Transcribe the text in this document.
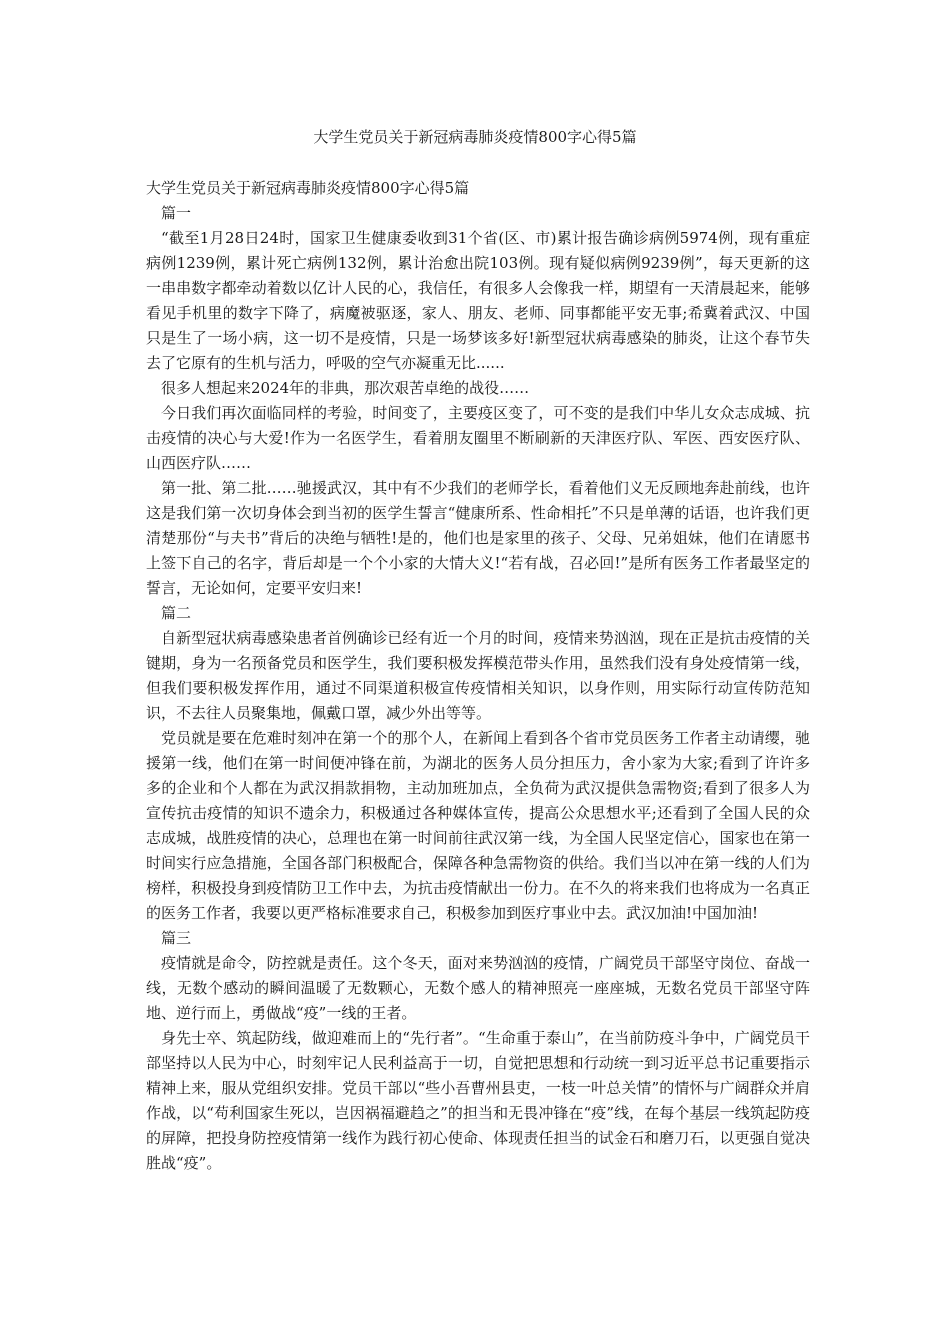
大学生党员关于新冠病毒肺炎疫情800字心得5篇

大学生党员关于新冠病毒肺炎疫情800字心得5篇

篇一

“截至1月28日24时，国家卫生健康委收到31个省(区、市)累计报告确诊病例5974例，现有重症病例1239例，累计死亡病例132例，累计治愈出院103例。现有疑似病例9239例”，每天更新的这一串串数字都牵动着数以亿计人民的心，我信任，有很多人会像我一样，期望有一天清晨起来，能够看见手机里的数字下降了，病魔被驱逐，家人、朋友、老师、同事都能平安无事;希冀着武汉、中国只是生了一场小病，这一切不是疫情，只是一场梦该多好!新型冠状病毒感染的肺炎，让这个春节失去了它原有的生机与活力，呼吸的空气亦凝重无比......

很多人想起来2024年的非典，那次艰苦卓绝的战役……

今日我们再次面临同样的考验，时间变了，主要疫区变了，可不变的是我们中华儿女众志成城、抗击疫情的决心与大爱!作为一名医学生，看着朋友圈里不断刷新的天津医疗队、军医、西安医疗队、山西医疗队……

第一批、第二批……驰援武汉，其中有不少我们的老师学长，看着他们义无反顾地奔赴前线，也许这是我们第一次切身体会到当初的医学生誓言“健康所系、性命相托”不只是单薄的话语，也许我们更清楚那份“与夫书”背后的决绝与牺牲!是的，他们也是家里的孩子、父母、兄弟姐妹，他们在请愿书上签下自己的名字，背后却是一个个小家的大情大义!“若有战，召必回!”是所有医务工作者最坚定的誓言，无论如何，定要平安归来!

篇二

自新型冠状病毒感染患者首例确诊已经有近一个月的时间，疫情来势汹汹，现在正是抗击疫情的关键期，身为一名预备党员和医学生，我们要积极发挥模范带头作用，虽然我们没有身处疫情第一线，但我们要积极发挥作用，通过不同渠道积极宣传疫情相关知识，以身作则，用实际行动宣传防范知识，不去往人员聚集地，佩戴口罩，减少外出等等。

党员就是要在危难时刻冲在第一个的那个人，在新闻上看到各个省市党员医务工作者主动请缨，驰援第一线，他们在第一时间便冲锋在前，为湖北的医务人员分担压力，舍小家为大家;看到了许许多多的企业和个人都在为武汉捐款捐物，主动加班加点，全负荷为武汉提供急需物资;看到了很多人为宣传抗击疫情的知识不遗余力，积极通过各种媒体宣传，提高公众思想水平;还看到了全国人民的众志成城，战胜疫情的决心，总理也在第一时间前往武汉第一线，为全国人民坚定信心，国家也在第一时间实行应急措施，全国各部门积极配合，保障各种急需物资的供给。我们当以冲在第一线的人们为榜样，积极投身到疫情防卫工作中去，为抗击疫情献出一份力。在不久的将来我们也将成为一名真正的医务工作者，我要以更严格标准要求自己，积极参加到医疗事业中去。武汉加油!中国加油!

篇三

疫情就是命令，防控就是责任。这个冬天，面对来势汹汹的疫情，广阔党员干部坚守岗位、奋战一线，无数个感动的瞬间温暖了无数颗心，无数个感人的精神照亮一座座城，无数名党员干部坚守阵地、逆行而上，勇做战“疫”一线的王者。

身先士卒、筑起防线，做迎难而上的“先行者”。“生命重于泰山”，在当前防疫斗争中，广阔党员干部坚持以人民为中心，时刻牢记人民利益高于一切，自觉把思想和行动统一到习近平总书记重要指示精神上来，服从党组织安排。党员干部以“些小吾曹州县吏，一枝一叶总关情”的情怀与广阔群众并肩作战，以“苟利国家生死以，岂因祸福避趋之”的担当和无畏冲锋在“疫”线，在每个基层一线筑起防疫的屏障，把投身防控疫情第一线作为践行初心使命、体现责任担当的试金石和磨刀石，以更强自觉决胜战“疫”。
